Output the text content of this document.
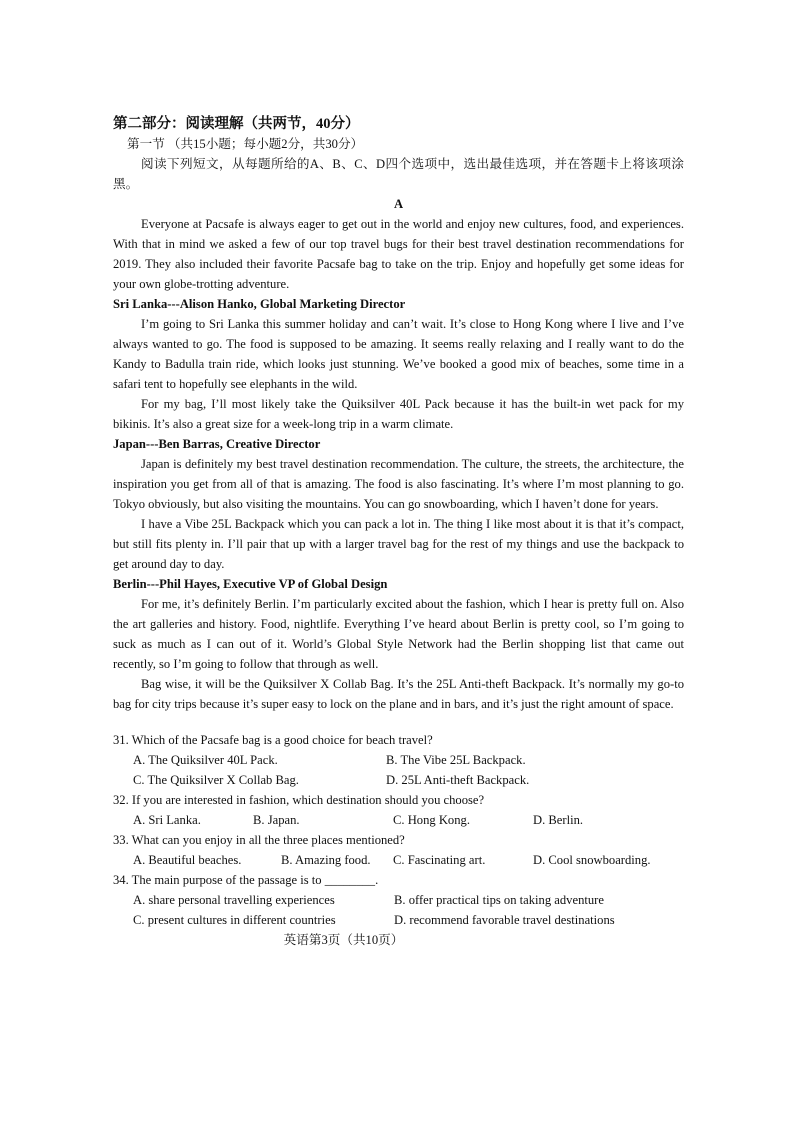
第二部分：阅读理解（共两节，40分）

第一节 （共15小题；每小题2分，共30分）

阅读下列短文，从每题所给的A、B、C、D四个选项中，选出最佳选项，并在答题卡上将该项涂黑。

A

Everyone at Pacsafe is always eager to get out in the world and enjoy new cultures, food, and experiences. With that in mind we asked a few of our top travel bugs for their best travel destination recommendations for 2019. They also included their favorite Pacsafe bag to take on the trip. Enjoy and hopefully get some ideas for your own globe-trotting adventure.

Sri Lanka---Alison Hanko, Global Marketing Director

I’m going to Sri Lanka this summer holiday and can’t wait. It’s close to Hong Kong where I live and I’ve always wanted to go. The food is supposed to be amazing. It seems really relaxing and I really want to do the Kandy to Badulla train ride, which looks just stunning. We’ve booked a good mix of beaches, some time in a safari tent to hopefully see elephants in the wild.

For my bag, I’ll most likely take the Quiksilver 40L Pack because it has the built-in wet pack for my bikinis. It’s also a great size for a week-long trip in a warm climate.

Japan---Ben Barras, Creative Director

Japan is definitely my best travel destination recommendation. The culture, the streets, the architecture, the inspiration you get from all of that is amazing. The food is also fascinating. It’s where I’m most planning to go. Tokyo obviously, but also visiting the mountains. You can go snowboarding, which I haven’t done for years.

I have a Vibe 25L Backpack which you can pack a lot in. The thing I like most about it is that it’s compact, but still fits plenty in. I’ll pair that up with a larger travel bag for the rest of my things and use the backpack to get around day to day.

Berlin---Phil Hayes, Executive VP of Global Design

For me, it’s definitely Berlin. I’m particularly excited about the fashion, which I hear is pretty full on. Also the art galleries and history. Food, nightlife. Everything I’ve heard about Berlin is pretty cool, so I’m going to suck as much as I can out of it. World’s Global Style Network had the Berlin shopping list that came out recently, so I’m going to follow that through as well.

Bag wise, it will be the Quiksilver X Collab Bag. It’s the 25L Anti-theft Backpack. It’s normally my go-to bag for city trips because it’s super easy to lock on the plane and in bars, and it’s just the right amount of space.

31. Which of the Pacsafe bag is a good choice for beach travel?

A. The Quiksilver 40L Pack.	B. The Vibe 25L Backpack.
C. The Quiksilver X Collab Bag.	D. 25L Anti-theft Backpack.

32. If you are interested in fashion, which destination should you choose?

A. Sri Lanka.	B. Japan.	C. Hong Kong.	D. Berlin.

33. What can you enjoy in all the three places mentioned?

A. Beautiful beaches.	B. Amazing food. C. Fascinating art.	D. Cool snowboarding.

34. The main purpose of the passage is to ________.

A. share personal travelling experiences	B. offer practical tips on taking adventure
C. present cultures in different countries	D. recommend favorable travel destinations

英语第3页（共10页）
